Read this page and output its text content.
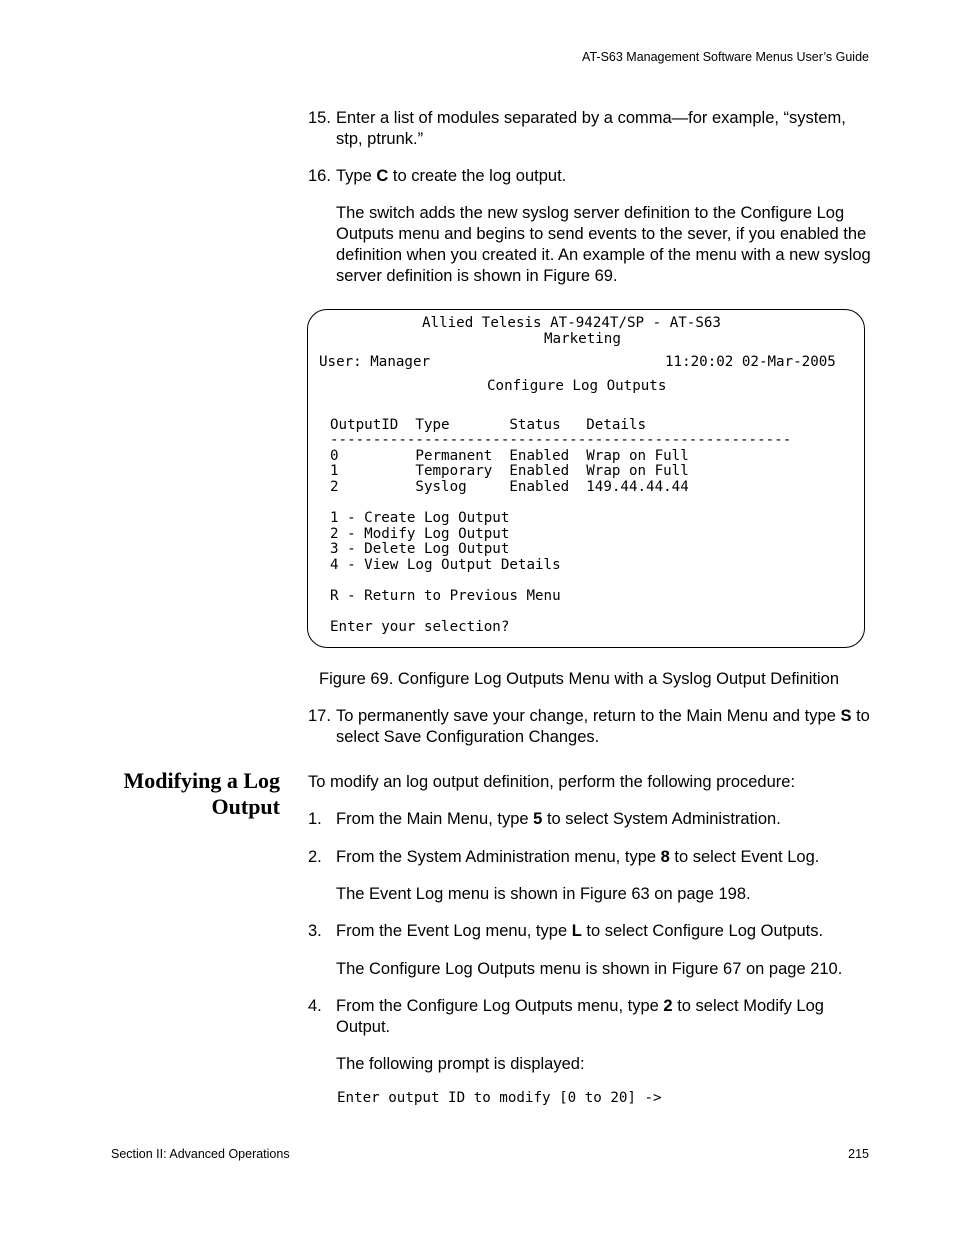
AT-S63 Management Software Menus User’s Guide
15. Enter a list of modules separated by a comma—for example, “system, stp, ptrunk.”
16. Type C to create the log output.
The switch adds the new syslog server definition to the Configure Log Outputs menu and begins to send events to the sever, if you enabled the definition when you created it. An example of the menu with a new syslog server definition is shown in Figure 69.
Allied Telesis AT-9424T/SP - AT-S63
Marketing
User: Manager	11:20:02 02-Mar-2005
Configure Log Outputs
OutputID  Type       Status   Details
------------------------------------------------------
0         Permanent  Enabled  Wrap on Full
1         Temporary  Enabled  Wrap on Full
2         Syslog     Enabled  149.44.44.44
1 - Create Log Output
2 - Modify Log Output
3 - Delete Log Output
4 - View Log Output Details
R - Return to Previous Menu
Enter your selection?
Figure 69. Configure Log Outputs Menu with a Syslog Output Definition
17. To permanently save your change, return to the Main Menu and type S to select Save Configuration Changes.
Modifying a Log
Output
To modify an log output definition, perform the following procedure:
1. From the Main Menu, type 5 to select System Administration.
2. From the System Administration menu, type 8 to select Event Log.
The Event Log menu is shown in Figure 63 on page 198.
3. From the Event Log menu, type L to select Configure Log Outputs.
The Configure Log Outputs menu is shown in Figure 67 on page 210.
4. From the Configure Log Outputs menu, type 2 to select Modify Log Output.
The following prompt is displayed:
Enter output ID to modify [0 to 20] ->
Section II: Advanced Operations	215
